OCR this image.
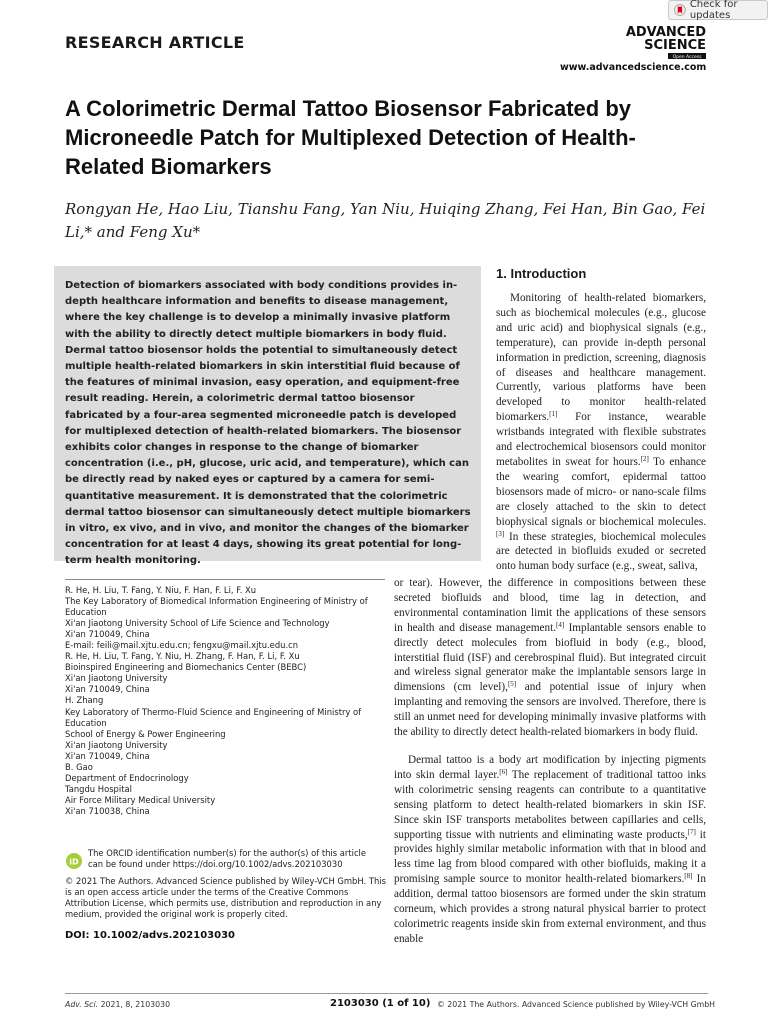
Check for updates
RESEARCH ARTICLE
ADVANCED
SCIENCE
Open Access
www.advancedscience.com
A Colorimetric Dermal Tattoo Biosensor Fabricated by Microneedle Patch for Multiplexed Detection of Health-Related Biomarkers
Rongyan He, Hao Liu, Tianshu Fang, Yan Niu, Huiqing Zhang, Fei Han, Bin Gao, Fei Li,* and Feng Xu*
Detection of biomarkers associated with body conditions provides in-depth healthcare information and benefits to disease management, where the key challenge is to develop a minimally invasive platform with the ability to directly detect multiple biomarkers in body fluid. Dermal tattoo biosensor holds the potential to simultaneously detect multiple health-related biomarkers in skin interstitial fluid because of the features of minimal invasion, easy operation, and equipment-free result reading. Herein, a colorimetric dermal tattoo biosensor fabricated by a four-area segmented microneedle patch is developed for multiplexed detection of health-related biomarkers. The biosensor exhibits color changes in response to the change of biomarker concentration (i.e., pH, glucose, uric acid, and temperature), which can be directly read by naked eyes or captured by a camera for semi-quantitative measurement. It is demonstrated that the colorimetric dermal tattoo biosensor can simultaneously detect multiple biomarkers in vitro, ex vivo, and in vivo, and monitor the changes of the biomarker concentration for at least 4 days, showing its great potential for long-term health monitoring.
1. Introduction
Monitoring of health-related biomarkers, such as biochemical molecules (e.g., glucose and uric acid) and biophysical signals (e.g., temperature), can provide in-depth personal information in prediction, screening, diagnosis of diseases and healthcare management. Currently, various platforms have been developed to monitor health-related biomarkers.[1] For instance, wearable wristbands integrated with flexible substrates and electrochemical biosensors could monitor metabolites in sweat for hours.[2] To enhance the wearing comfort, epidermal tattoo biosensors made of micro- or nano-scale films are closely attached to the skin to detect biophysical signals or biochemical molecules.[3] In these strategies, biochemical molecules are detected in biofluids exuded or secreted onto human body surface (e.g., sweat, saliva,
or tear). However, the difference in compositions between these secreted biofluids and blood, time lag in detection, and environmental contamination limit the applications of these sensors in health and disease management.[4] Implantable sensors enable to directly detect molecules from biofluid in body (e.g., blood, interstitial fluid (ISF) and cerebrospinal fluid). But integrated circuit and wireless signal generator make the implantable sensors large in dimensions (cm level),[5] and potential issue of injury when implanting and removing the sensors are involved. Therefore, there is still an unmet need for developing minimally invasive platforms with the ability to directly detect health-related biomarkers in body fluid.
Dermal tattoo is a body art modification by injecting pigments into skin dermal layer.[6] The replacement of traditional tattoo inks with colorimetric sensing reagents can contribute to a quantitative sensing platform to detect health-related biomarkers in skin ISF. Since skin ISF transports metabolites between capillaries and cells, supporting tissue with nutrients and eliminating waste products,[7] it provides highly similar metabolic information with that in blood and less time lag from blood compared with other biofluids, making it a promising sample source to monitor health-related biomarkers.[8] In addition, dermal tattoo biosensors are formed under the skin stratum corneum, which provides a strong natural physical barrier to protect colorimetric reagents inside skin from external environment, and thus enable
R. He, H. Liu, T. Fang, Y. Niu, F. Han, F. Li, F. Xu
The Key Laboratory of Biomedical Information Engineering of Ministry of Education
Xi'an Jiaotong University School of Life Science and Technology
Xi'an 710049, China
E-mail: feili@mail.xjtu.edu.cn; fengxu@mail.xjtu.edu.cn
R. He, H. Liu, T. Fang, Y. Niu, H. Zhang, F. Han, F. Li, F. Xu
Bioinspired Engineering and Biomechanics Center (BEBC)
Xi'an Jiaotong University
Xi'an 710049, China
H. Zhang
Key Laboratory of Thermo-Fluid Science and Engineering of Ministry of Education
School of Energy & Power Engineering
Xi'an Jiaotong University
Xi'an 710049, China
B. Gao
Department of Endocrinology
Tangdu Hospital
Air Force Military Medical University
Xi'an 710038, China
iD
The ORCID identification number(s) for the author(s) of this article can be found under https://doi.org/10.1002/advs.202103030
© 2021 The Authors. Advanced Science published by Wiley-VCH GmbH. This is an open access article under the terms of the Creative Commons Attribution License, which permits use, distribution and reproduction in any medium, provided the original work is properly cited.
DOI: 10.1002/advs.202103030
Adv. Sci. 2021, 8, 2103030	2103030 (1 of 10) © 2021 The Authors. Advanced Science published by Wiley-VCH GmbH
